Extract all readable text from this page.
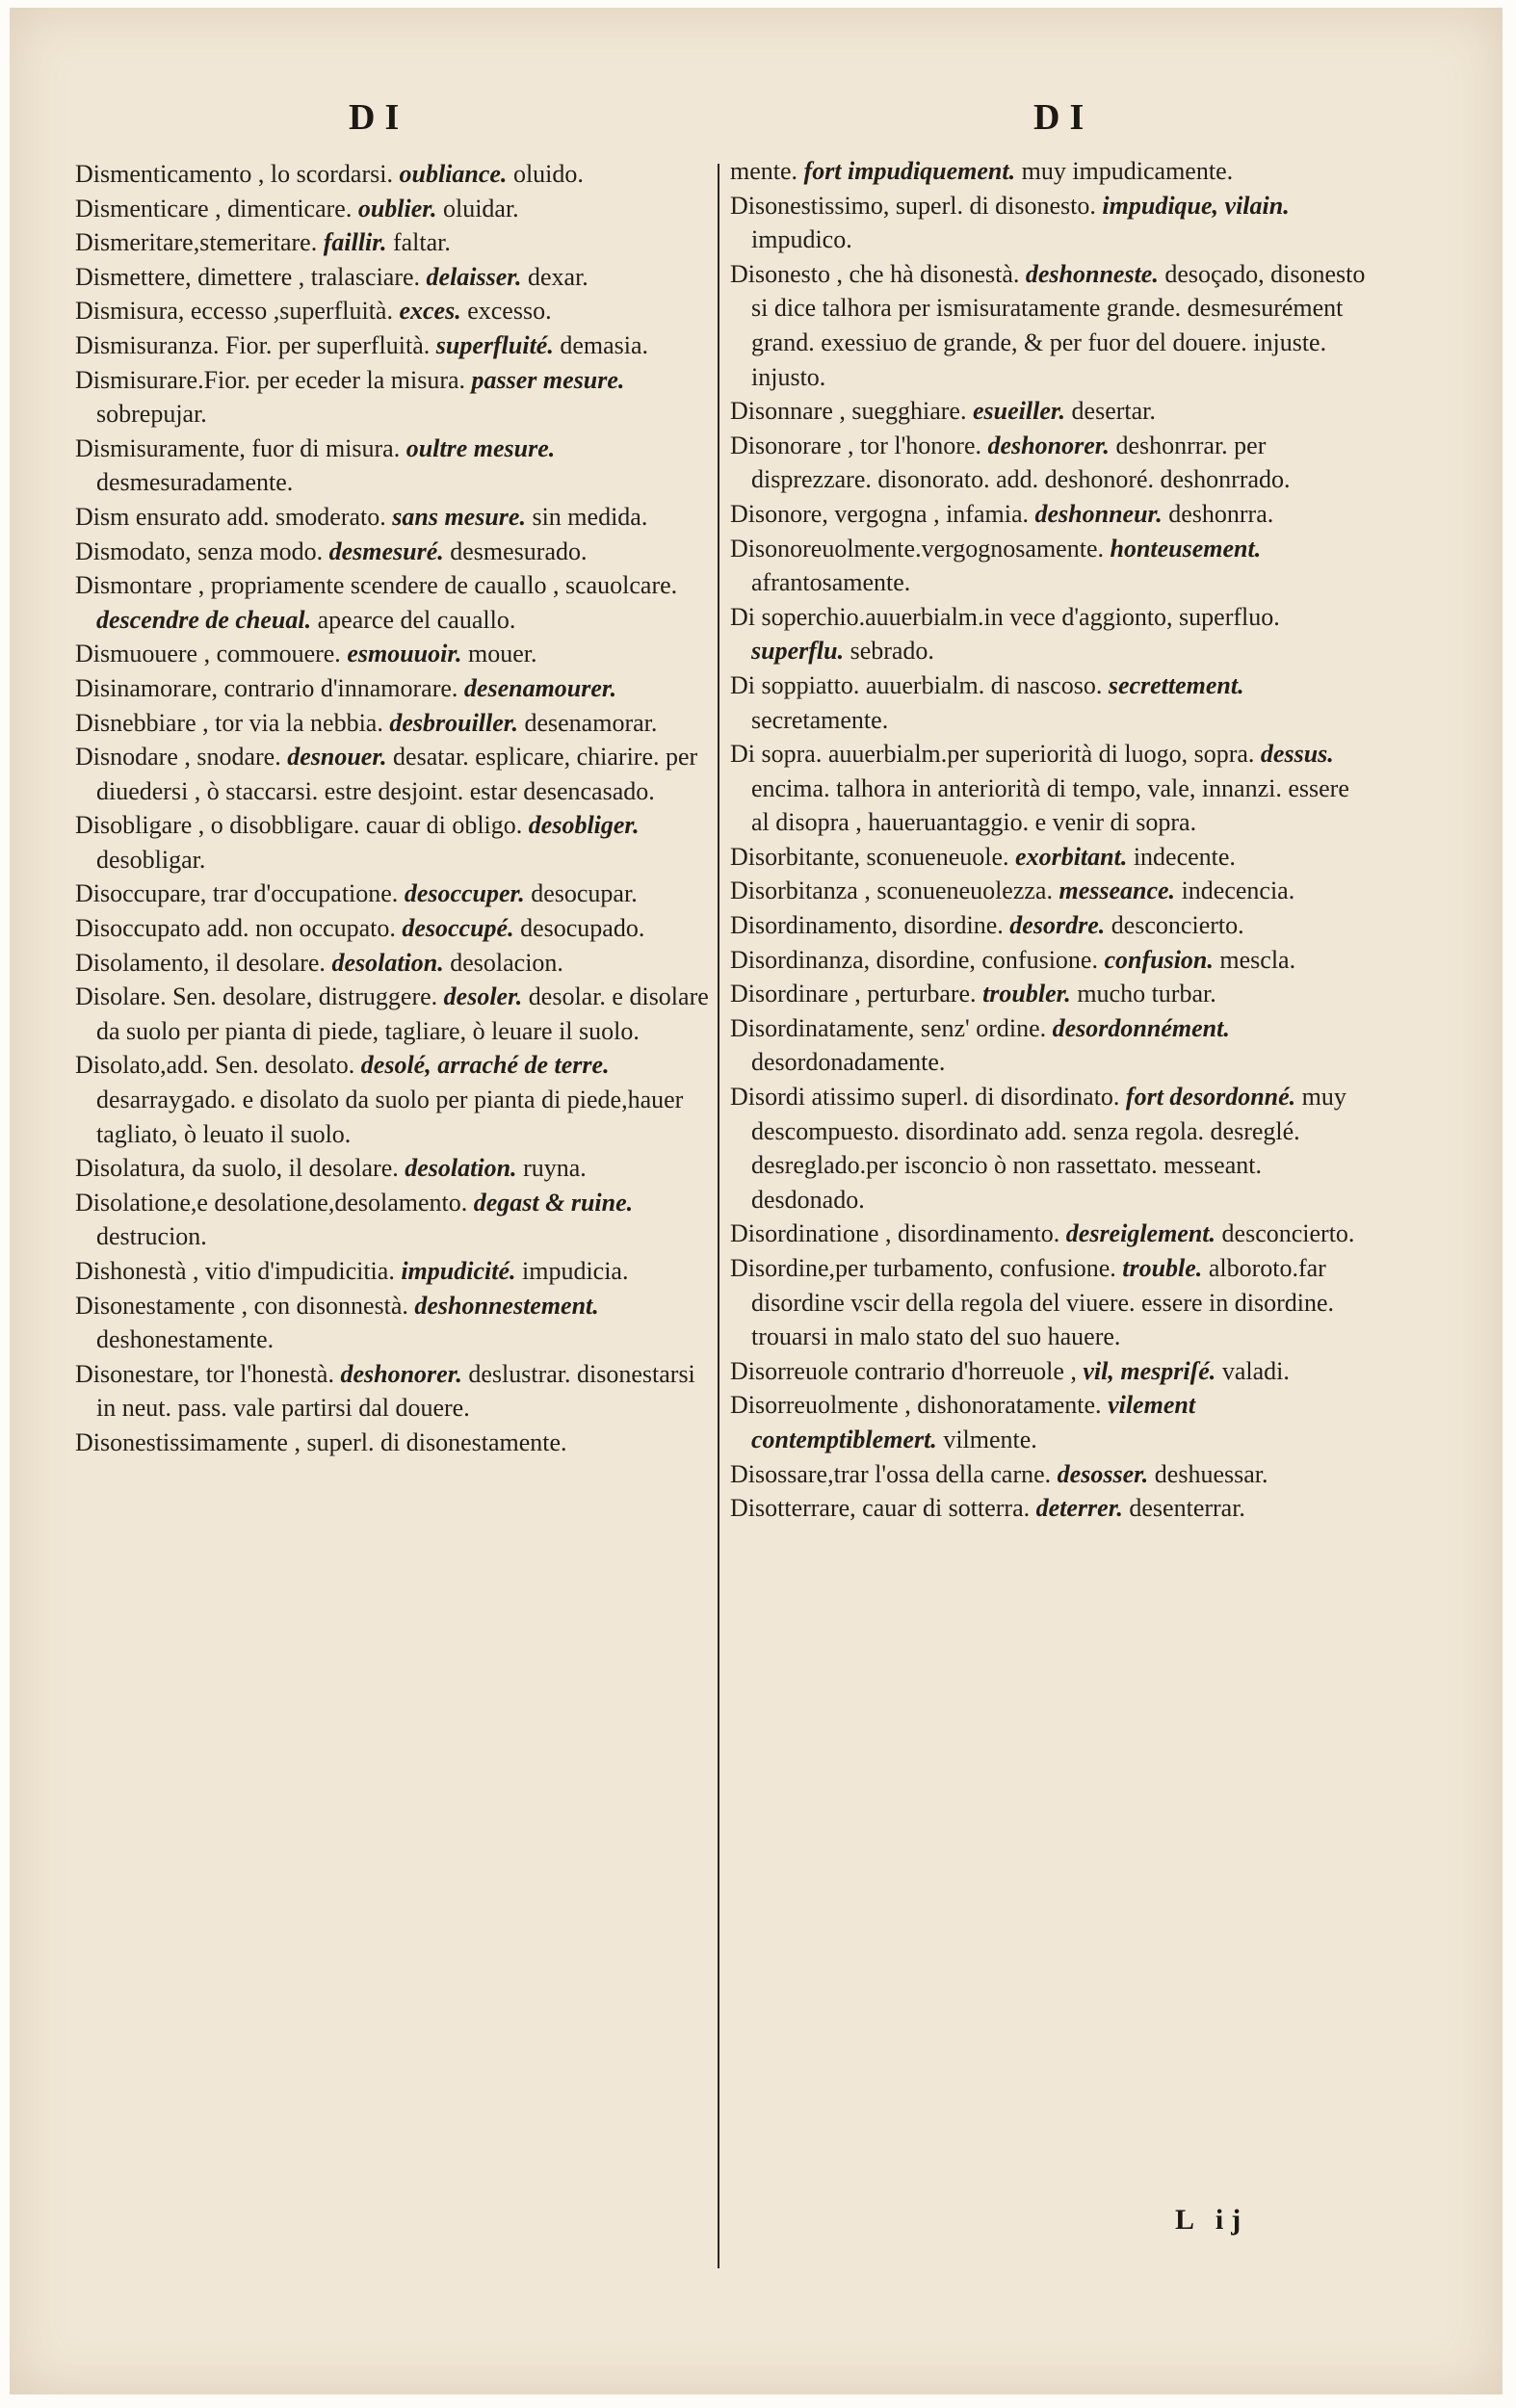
DI	DI

Dismenticamento , lo scordarsi. oubliance. oluido.

Dismenticare , dimenticare. oublier. oluidar.

Dismeritare,stemeritare. faillir. faltar.

Dismettere, dimettere , tralasciare. delaisser. dexar.

Dismisura, eccesso ,superfluità. exces. excesso.

Dismisuranza. Fior. per superfluità. superfluité. demasia.

Dismisurare.Fior. per eceder la misura. passer mesure. sobrepujar.

Dismisuramente, fuor di misura. oultre mesure. desmesuradamente.

Dism ensurato add. smoderato. sans mesure. sin medida.

Dismodato, senza modo. desmesuré. desmesurado.

Dismontare , propriamente scendere de cauallo , scauolcare. descendre de cheual. apearce del cauallo.

Dismuouere , commouere. esmouuoir. mouer.

Disinamorare, contrario d'innamorare. desenamourer.

Disnebbiare , tor via la nebbia. desbrouiller. desenamorar.

Disnodare , snodare. desnouer. desatar. esplicare, chiarire. per diuedersi , ò staccarsi. estre desjoint. estar desencasado.

Disobligare , o disobbligare. cauar di obligo. desobliger. desobligar.

Disoccupare, trar d'occupatione. desoccuper. desocupar.

Disoccupato add. non occupato. desoccupé. desocupado.

Disolamento, il desolare. desolation. desolacion.

Disolare. Sen. desolare, distruggere. desoler. desolar. e disolare da suolo per pianta di piede, tagliare, ò leuare il suolo.

Disolato,add. Sen. desolato. desolé, arraché de terre. desarraygado. e disolato da suolo per pianta di piede,hauer tagliato, ò leuato il suolo.

Disolatura, da suolo, il desolare. desolation. ruyna.

Disolatione,e desolatione,desolamento. degast & ruine. destrucion.

Dishonestà , vitio d'impudicitia. impudicité. impudicia.

Disonestamente , con disonnestà. deshonnestement. deshonestamente.

Disonestare, tor l'honestà. deshonorer. deslustrar. disonestarsi in neut. pass. vale partirsi dal douere.

Disonestissimamente , superl. di disonestamente.

mente. fort impudiquement. muy impudicamente.

Disonestissimo, superl. di disonesto. impudique, vilain. impudico.

Disonesto , che hà disonestà. deshonneste. desoçado, disonesto si dice talhora per ismisuratamente grande. desmesurément grand. exessiuo de grande, & per fuor del douere. injuste. injusto.

Disonnare , suegghiare. esueiller. desertar.

Disonorare , tor l'honore. deshonorer. deshonrrar. per disprezzare. disonorato. add. deshonoré. deshonrrado.

Disonore, vergogna , infamia. deshonneur. deshonrra.

Disonoreuolmente.vergognosamente. honteusement. afrantosamente.

Di soperchio.auuerbialm.in vece d'aggionto, superfluo. superflu. sebrado.

Di soppiatto. auuerbialm. di nascoso. secrettement. secretamente.

Di sopra. auuerbialm.per superiorità di luogo, sopra. dessus. encima. talhora in anteriorità di tempo, vale, innanzi. essere al disopra , haueruantaggio. e venir di sopra.

Disorbitante, sconueneuole. exorbitant. indecente.

Disorbitanza , sconueneuolezza. messeance. indecencia.

Disordinamento, disordine. desordre. desconcierto.

Disordinanza, disordine, confusione. confusion. mescla.

Disordinare , perturbare. troubler. mucho turbar.

Disordinatamente, senz' ordine. desordonnément. desordonadamente.

Disordi atissimo superl. di disordinato. fort desordonné. muy descompuesto. disordinato add. senza regola. desreglé. desreglado.per isconcio ò non rassettato. messeant. desdonado.

Disordinatione , disordinamento. desreiglement. desconcierto.

Disordine,per turbamento, confusione. trouble. alboroto.far disordine vscir della regola del viuere. essere in disordine. trouarsi in malo stato del suo hauere.

Disorreuole contrario d'horreuole , vil, mespriſé. valadi.

Disorreuolmente , dishonoratamente. vilement contemptiblemert. vilmente.

Disossare,trar l'ossa della carne. desosser. deshuessar.

Disotterrare, cauar di sotterra. deterrer. desenterrar.

L ij
